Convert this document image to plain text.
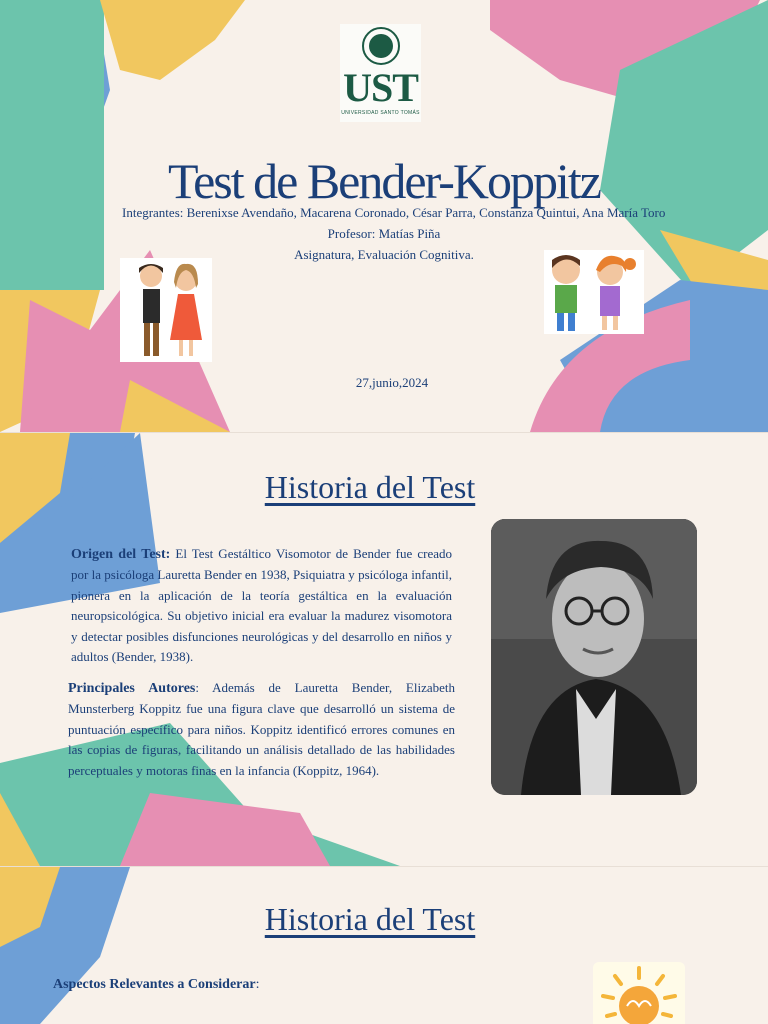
UST
UNIVERSIDAD SANTO TOMÁS
Test de Bender-Koppitz
Integrantes: Berenixse Avendaño, Macarena Coronado, César Parra, Constanza Quintui, Ana María Toro
Profesor: Matías Piña
Asignatura, Evaluación Cognitiva.
27,junio,2024
Historia del Test
Origen del Test: El Test Gestáltico Visomotor de Bender fue creado por la psicóloga Lauretta Bender en 1938, Psiquiatra y psicóloga infantil, pionera en la aplicación de la teoría gestáltica en la evaluación neuropsicológica. Su objetivo inicial era evaluar la madurez visomotora y detectar posibles disfunciones neurológicas y del desarrollo en niños y adultos (Bender, 1938).
Principales Autores: Además de Lauretta Bender, Elizabeth Munsterberg Koppitz fue una figura clave que desarrolló un sistema de puntuación específico para niños. Koppitz identificó errores comunes en las copias de figuras, facilitando un análisis detallado de las habilidades perceptuales y motoras finas en la infancia (Koppitz, 1964).
Historia del Test
Aspectos Relevantes a Considerar:
